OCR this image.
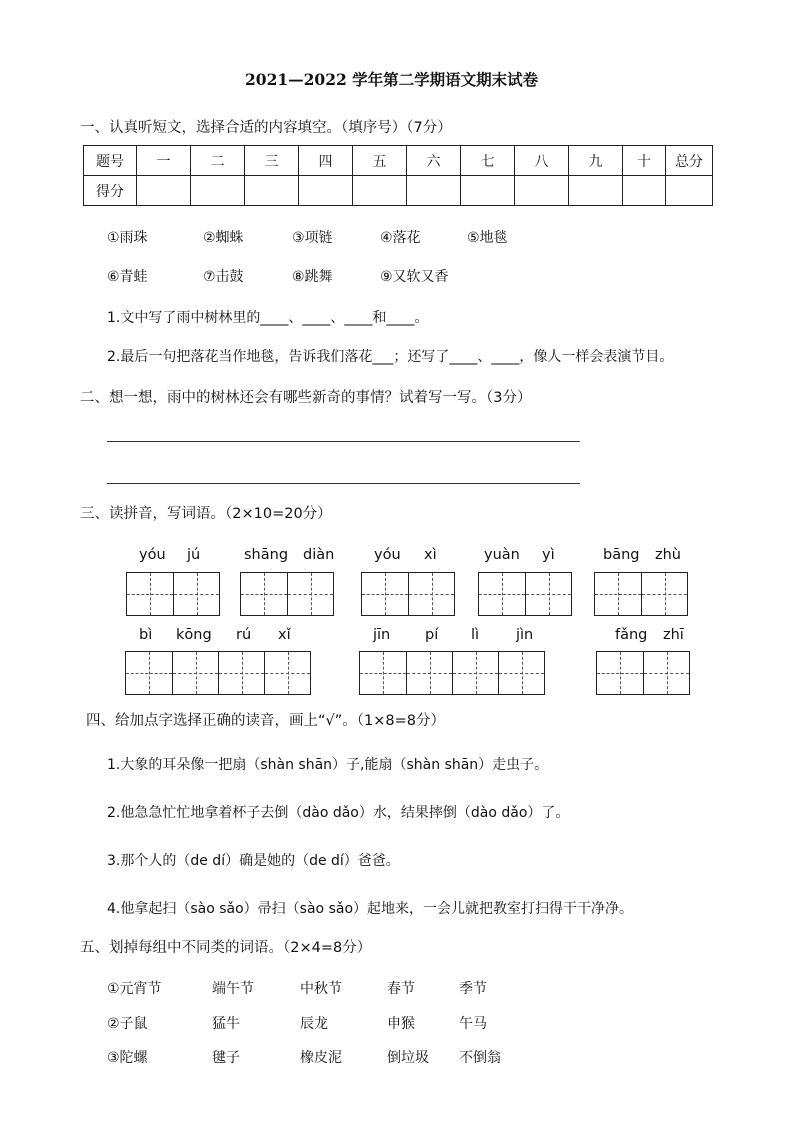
2021—2022 学年第二学期语文期末试卷
一、认真听短文，选择合适的内容填空。（填序号）（7分）
题号	一	二	三	四	五	六	七	八	九	十	总分
得分											
①雨珠	②蜘蛛	③项链	④落花	⑤地毯
⑥青蛙	⑦击鼓	⑧跳舞	⑨又软又香
1.文中写了雨中树林里的____、____、____和____。
2.最后一句把落花当作地毯，告诉我们落花___；还写了____、____，像人一样会表演节目。
二、想一想，雨中的树林还会有哪些新奇的事情？试着写一写。（3分）
三、读拼音，写词语。（2×10=20分）
yóu jú	shāng diàn	yóu xì	yuàn yì	bāng zhù
bì kōng rú xǐ	jīn pí lì	jìn	fǎng zhī
四、给加点字选择正确的读音，画上“√”。（1×8=8分）
1.大象的耳朵像一把扇（shàn shān）子,能扇（shàn shān）走虫子。
2.他急急忙忙地拿着杯子去倒（dào dǎo）水，结果摔倒（dào dǎo）了。
3.那个人的（de dí）确是她的（de dí）爸爸。
4.他拿起扫（sào sǎo）帚扫（sào sǎo）起地来，一会儿就把教室打扫得干干净净。
五、划掉每组中不同类的词语。（2×4=8分）
①元宵节	端午节	中秋节	春节	季节
②子鼠	猛牛	辰龙	申猴	午马
③陀螺	毽子	橡皮泥	倒垃圾 不倒翁
